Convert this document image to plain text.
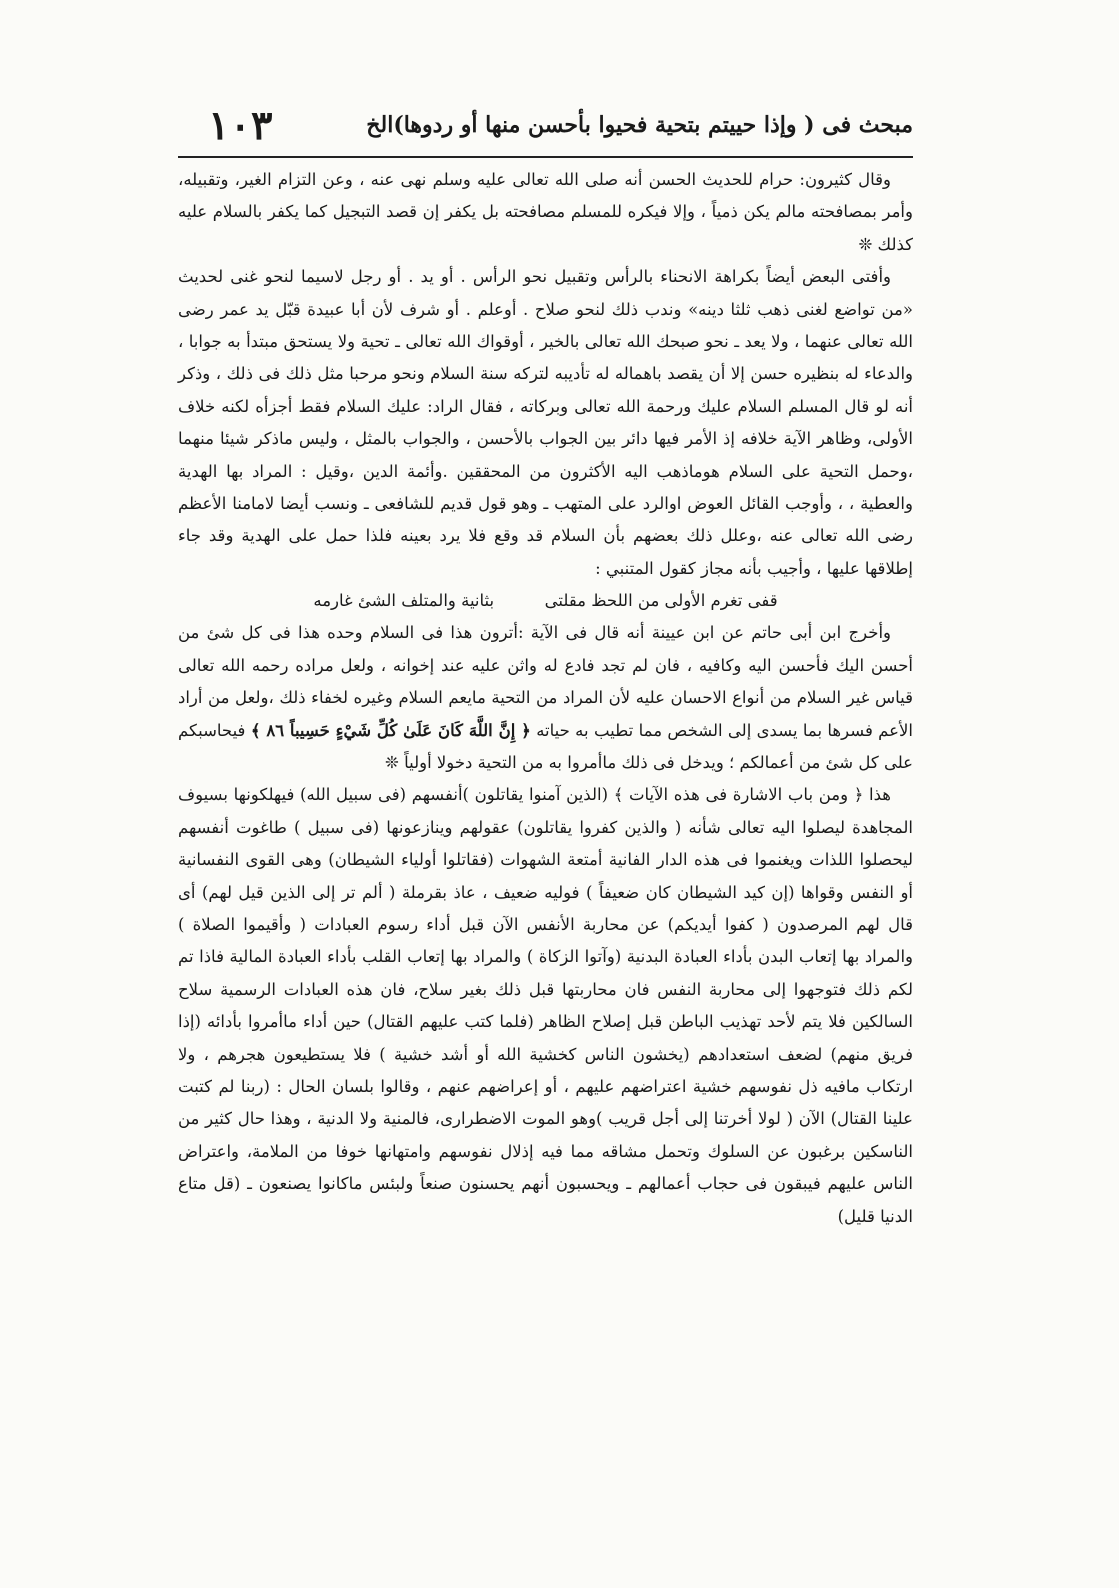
١٠٣	مبحث فى ( وإذا حييتم بتحية فحيوا بأحسن منها أو ردوها)الخ

وقال كثيرون: حرام للحديث الحسن أنه صلى الله تعالى عليه وسلم نهى عنه ، وعن التزام الغير، وتقبيله، وأمر بمصافحته مالم يكن ذمياً ، وإلا فيكره للمسلم مصافحته بل يكفر إن قصد التبجيل كما يكفر بالسلام عليه كذلك ❊

وأفتى البعض أيضاً بكراهة الانحناء بالرأس وتقبيل نحو الرأس . أو يد . أو رجل لاسيما لنحو غنى لحديث «من تواضع لغنى ذهب ثلثا دينه» وندب ذلك لنحو صلاح . أوعلم . أو شرف لأن أبا عبيدة قبّل يد عمر رضى الله تعالى عنهما ، ولا يعد ـ نحو صبحك الله تعالى بالخير ، أوقواك الله تعالى ـ تحية ولا يستحق مبتدأ به جوابا ، والدعاء له بنظيره حسن إلا أن يقصد باهماله له تأديبه لتركه سنة السلام ونحو مرحبا مثل ذلك فى ذلك ، وذكر أنه لو قال المسلم السلام عليك ورحمة الله تعالى وبركاته ، فقال الراد: عليك السلام فقط أجزأه لكنه خلاف الأولى، وظاهر الآية خلافه إذ الأمر فيها دائر بين الجواب بالأحسن ، والجواب بالمثل ، وليس ماذكر شيئا منهما ،وحمل التحية على السلام هوماذهب اليه الأكثرون من المحققين .وأئمة الدين ،وقيل : المراد بها الهدية والعطية ، ، وأوجب القائل العوض اوالرد على المتهب ـ وهو قول قديم للشافعى ـ ونسب أيضا لامامنا الأعظم رضى الله تعالى عنه ،وعلل ذلك بعضهم بأن السلام قد وقع فلا يرد بعينه فلذا حمل على الهدية وقد جاء إطلاقها عليها ، وأجيب بأنه مجاز كقول المتنبي :

قفى تغرم الأولى من اللحظ مقلتى  بثانية والمتلف الشئ غارمه

وأخرج ابن أبى حاتم عن ابن عيينة أنه قال فى الآية :أترون هذا فى السلام وحده هذا فى كل شئ من أحسن اليك فأحسن اليه وكافيه ، فان لم تجد فادع له واثن عليه عند إخوانه ، ولعل مراده رحمه الله تعالى قياس غير السلام من أنواع الاحسان عليه لأن المراد من التحية مايعم السلام وغيره لخفاء ذلك ،ولعل من أراد الأعم فسرها بما يسدى إلى الشخص مما تطيب به حياته ﴿ إِنَّ اللَّهَ كَانَ عَلَىٰ كُلِّ شَيْءٍ حَسِيباً ٨٦ ﴾ فيحاسبكم على كل شئ من أعمالكم ؛ ويدخل فى ذلك ماأمروا به من التحية دخولا أولياً ❊

هذا ﴿ ومن باب الاشارة فى هذه الآيات ﴾ (الذين آمنوا يقاتلون )أنفسهم (فى سبيل الله) فيهلكونها بسيوف المجاهدة ليصلوا اليه تعالى شأنه ( والذين كفروا يقاتلون) عقولهم وينازعونها (فى سبيل ) طاغوت أنفسهم ليحصلوا اللذات ويغنموا فى هذه الدار الفانية أمتعة الشهوات (فقاتلوا أولياء الشيطان) وهى القوى النفسانية أو النفس وقواها (إن كيد الشيطان كان ضعيفاً ) فوليه ضعيف ، عاذ بقرملة ( ألم تر إلى الذين قيل لهم) أى قال لهم المرصدون ( كفوا أيديكم) عن محاربة الأنفس الآن قبل أداء رسوم العبادات ( وأقيموا الصلاة ) والمراد بها إتعاب البدن بأداء العبادة البدنية (وآتوا الزكاة ) والمراد بها إتعاب القلب بأداء العبادة المالية فاذا تم لكم ذلك فتوجهوا إلى محاربة النفس فان محاربتها قبل ذلك بغير سلاح، فان هذه العبادات الرسمية سلاح السالكين فلا يتم لأحد تهذيب الباطن قبل إصلاح الظاهر (فلما كتب عليهم القتال) حين أداء ماأمروا بأدائه (إذا فريق منهم) لضعف استعدادهم (يخشون الناس كخشية الله أو أشد خشية ) فلا يستطيعون هجرهم ، ولا ارتكاب مافيه ذل نفوسهم خشية اعتراضهم عليهم ، أو إعراضهم عنهم ، وقالوا بلسان الحال : (ربنا لم كتبت علينا القتال) الآن ( لولا أخرتنا إلى أجل قريب )وهو الموت الاضطرارى، فالمنية ولا الدنية ، وهذا حال كثير من الناسكين برغبون عن السلوك وتحمل مشاقه مما فيه إذلال نفوسهم وامتهانها خوفا من الملامة، واعتراض الناس عليهم فيبقون فى حجاب أعمالهم ـ ويحسبون أنهم يحسنون صنعاً ولبئس ماكانوا يصنعون ـ (قل متاع الدنيا قليل)
